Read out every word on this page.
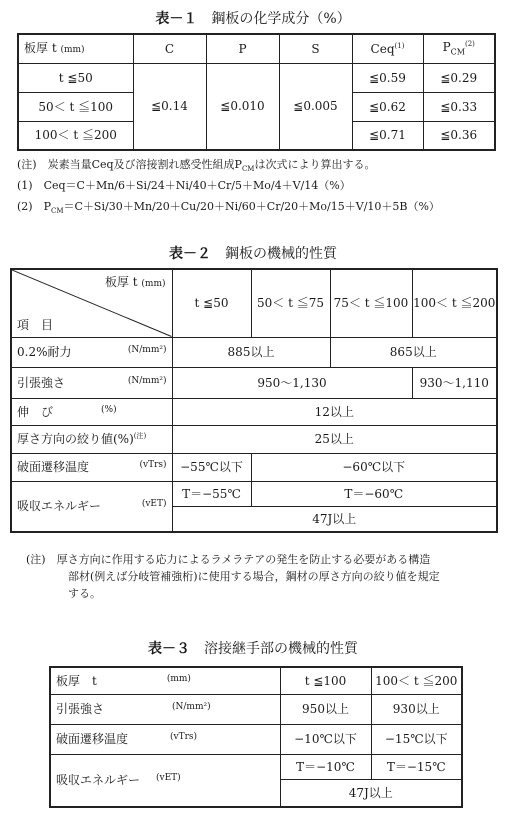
表－１ 鋼板の化学成分（%）
板厚 t (mm)	C	P	S	Ceq$^{(1)}$	$P_{CM}^{(2)}$
t ≦50	≦0.14	≦0.010	≦0.005	≦0.59	≦0.29
50＜ t ≦100				≦0.62	≦0.33
100＜ t ≦200				≦0.71	≦0.36
(注)　炭素当量Ceq及び溶接割れ感受性組成$P_{CM}$は次式により算出する。
(1)　Ceq＝C＋Mn/6＋Si/24＋Ni/40＋Cr/5＋Mo/4＋V/14（%）
(2)　$P_{CM}=C+Si/30+Mn/20+Cu/20+Ni/60+Cr/20+Mo/15+V/10+5B(\%)$
表－２ 鋼板の機械的性質
板厚 t (mm)
項　目	t ≦50	50＜ t ≦75	75＜ t ≦100	100＜ t ≦200
0.2%耐力 (N/mm²)	885以上		865以上	
引張強さ (N/mm²)	950～1,130			930～1,110
伸　び (%)	12以上			
厚さ方向の絞り値(%)$^{(注)}$	25以上			
破面遷移温度 (vTrs)	−55℃以下	−60℃以下		
吸収エネルギー (vET)	T＝−55℃	T＝−60℃		
	47J以上			
(注)　厚さ方向に作用する応力によるラメラテアの発生を防止する必要がある構造
部材(例えば分岐管補強桁)に使用する場合，鋼材の厚さ方向の絞り値を規定
する。
表－３ 溶接継手部の機械的性質
板厚　t (mm)	t ≦100	100＜ t ≦200
引張強さ (N/mm²)	950以上	930以上
破面遷移温度 (vTrs)	−10℃以下	−15℃以下
吸収エネルギー (vET)	T＝−10℃	T＝−15℃
	47J以上	
